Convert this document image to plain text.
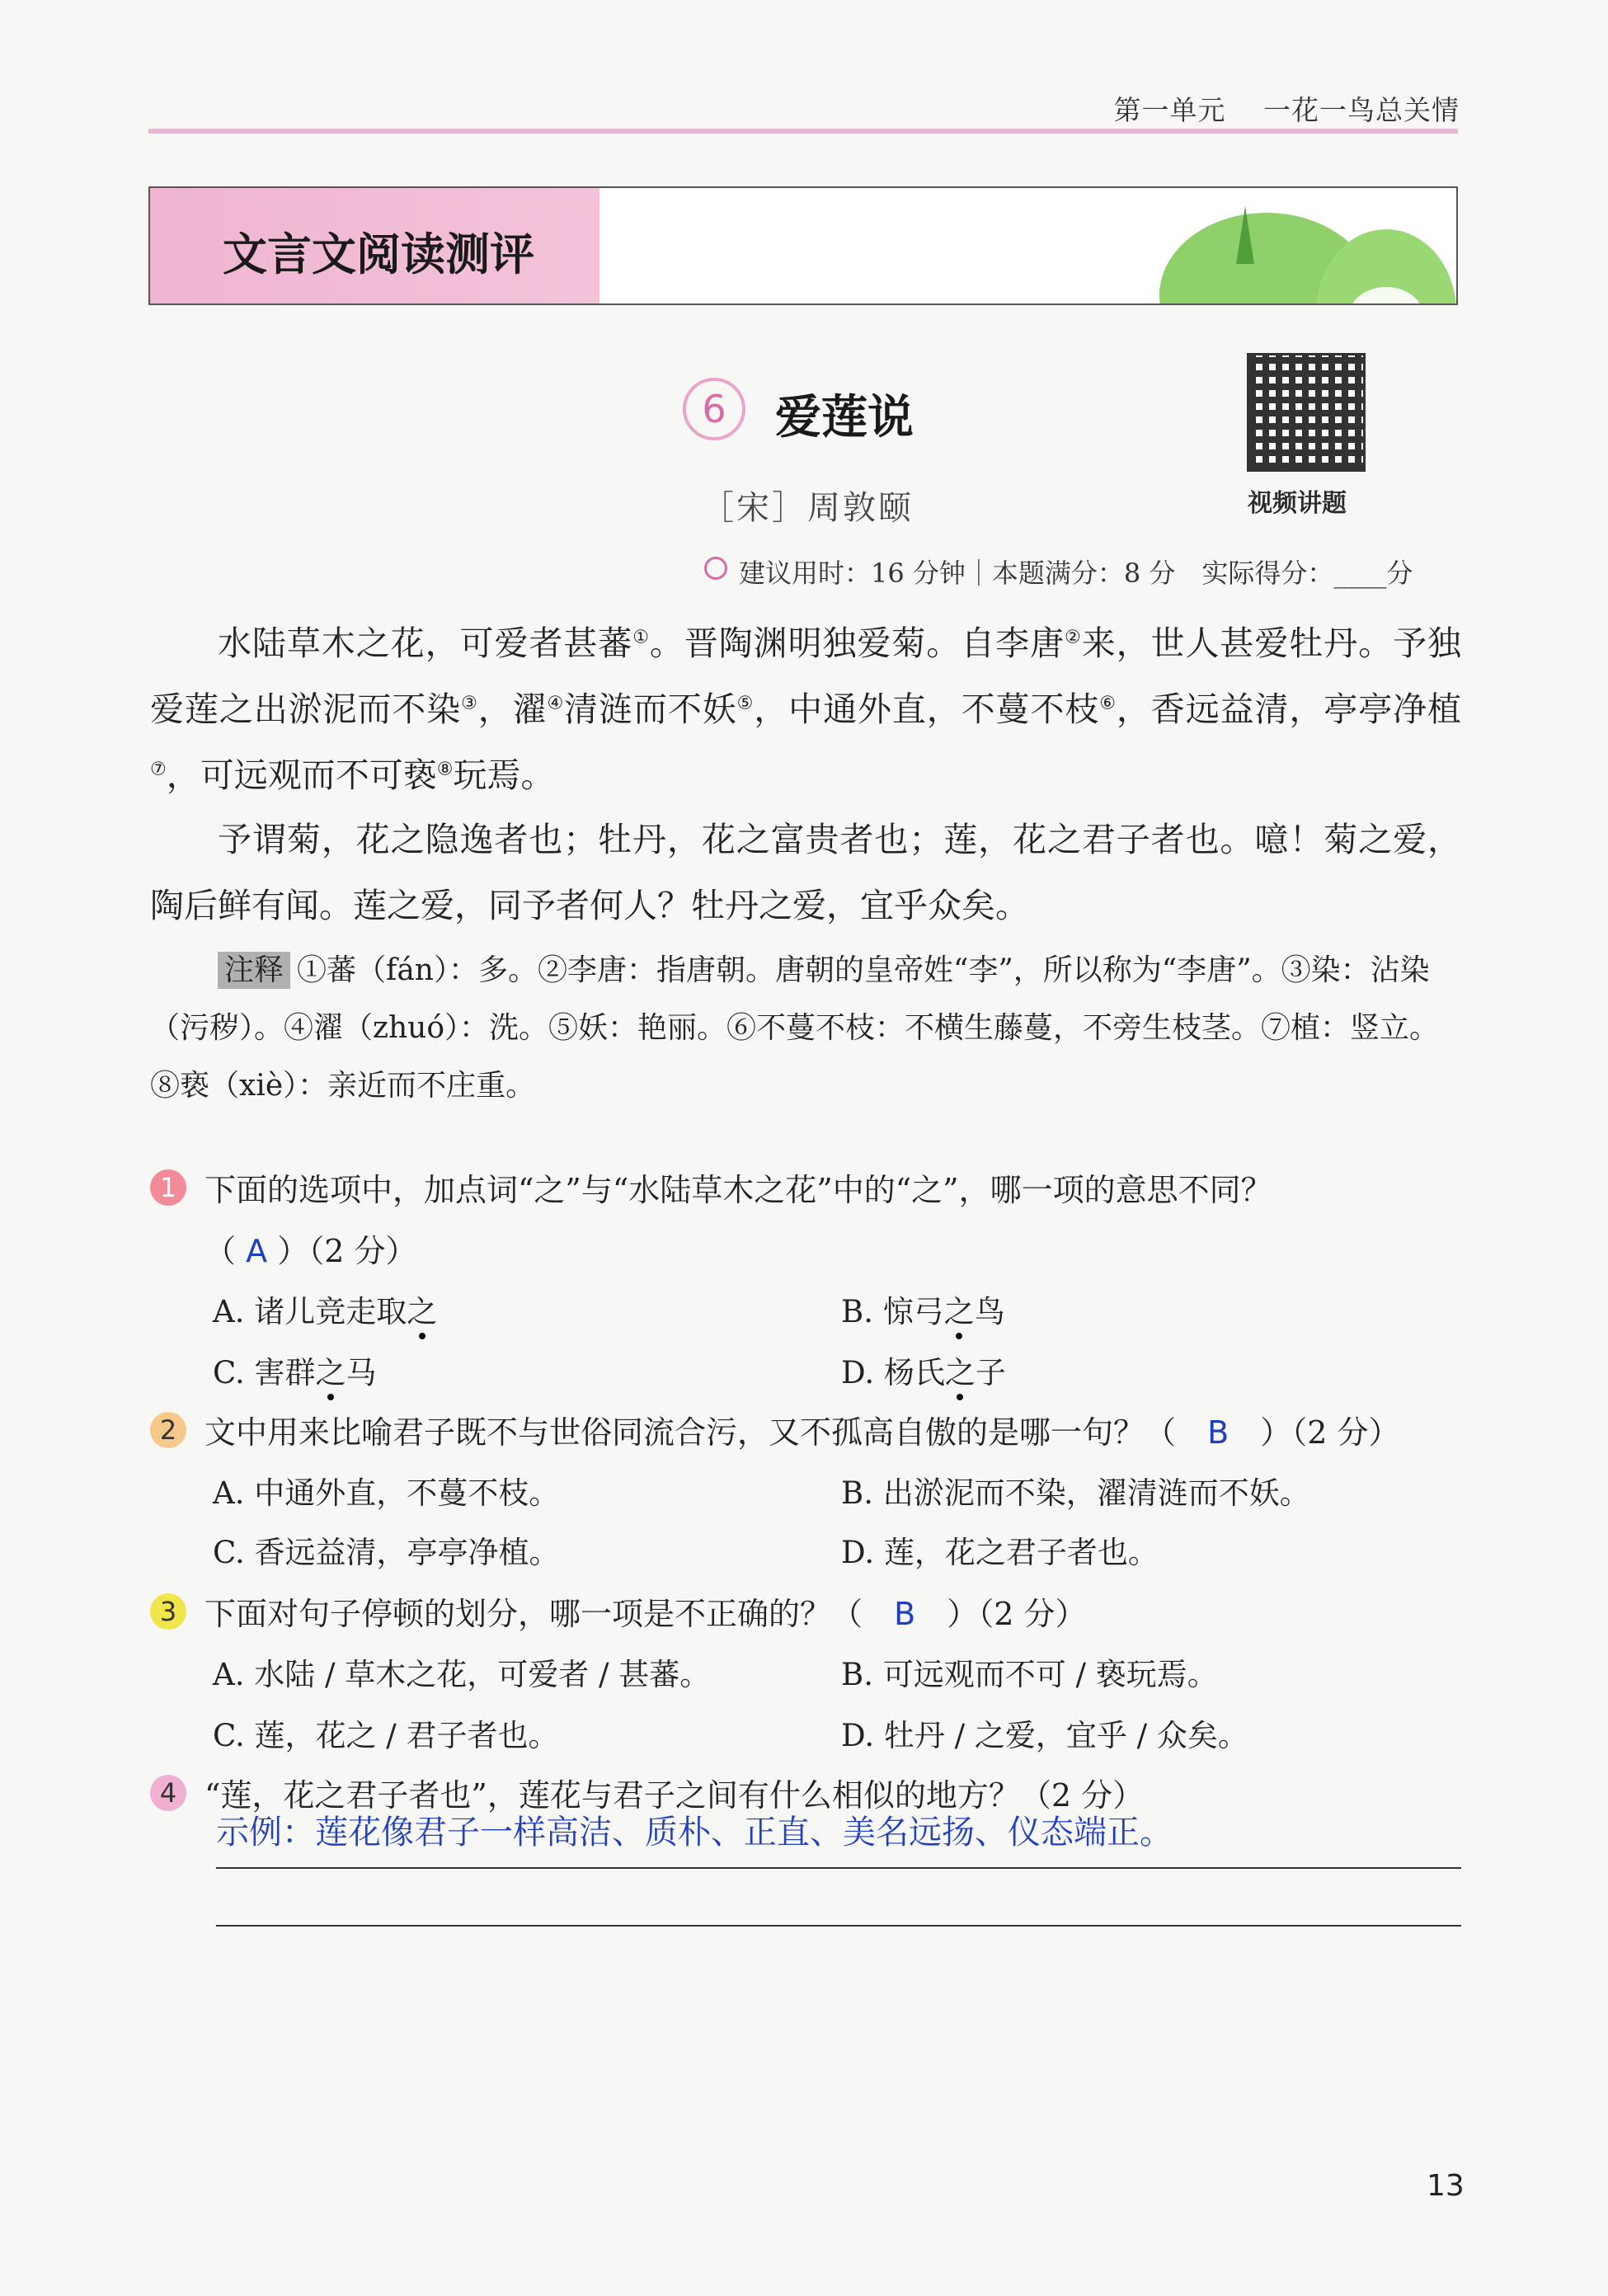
第一单元　 一花一鸟总关情
文言文阅读测评
6	爱莲说
［宋］周敦颐	视频讲题
建议用时：16 分钟｜本题满分：8 分　实际得分：____分
水陆草木之花，可爱者甚蕃①。晋陶渊明独爱菊。自李唐②来，世人甚爱牡丹。予独爱莲之出淤泥而不染③，濯④清涟而不妖⑤，中通外直，不蔓不枝⑥，香远益清，亭亭净植⑦，可远观而不可亵⑧玩焉。
予谓菊，花之隐逸者也；牡丹，花之富贵者也；莲，花之君子者也。噫！菊之爱，陶后鲜有闻。莲之爱，同予者何人？牡丹之爱，宜乎众矣。
注释 ①蕃（fán）：多。②李唐：指唐朝。唐朝的皇帝姓“李”，所以称为“李唐”。③染：沾染（污秽）。④濯（zhuó）：洗。⑤妖：艳丽。⑥不蔓不枝：不横生藤蔓，不旁生枝茎。⑦植：竖立。⑧亵（xiè）：亲近而不庄重。
1 下面的选项中，加点词“之”与“水陆草木之花”中的“之”，哪一项的意思不同？
（ A ）（2 分）
A. 诸儿竞走取之	B. 惊弓之鸟
C. 害群之马	D. 杨氏之子
2 文中用来比喻君子既不与世俗同流合污，又不孤高自傲的是哪一句？（ B ）（2 分）
A. 中通外直，不蔓不枝。	B. 出淤泥而不染，濯清涟而不妖。
C. 香远益清，亭亭净植。	D. 莲，花之君子者也。
3 下面对句子停顿的划分，哪一项是不正确的？（ B ）（2 分）
A. 水陆 / 草木之花，可爱者 / 甚蕃。	B. 可远观而不可 / 亵玩焉。
C. 莲，花之 / 君子者也。	D. 牡丹 / 之爱，宜乎 / 众矣。
4 “莲，花之君子者也”，莲花与君子之间有什么相似的地方？（2 分）
示例：莲花像君子一样高洁、质朴、正直、美名远扬、仪态端正。
13
